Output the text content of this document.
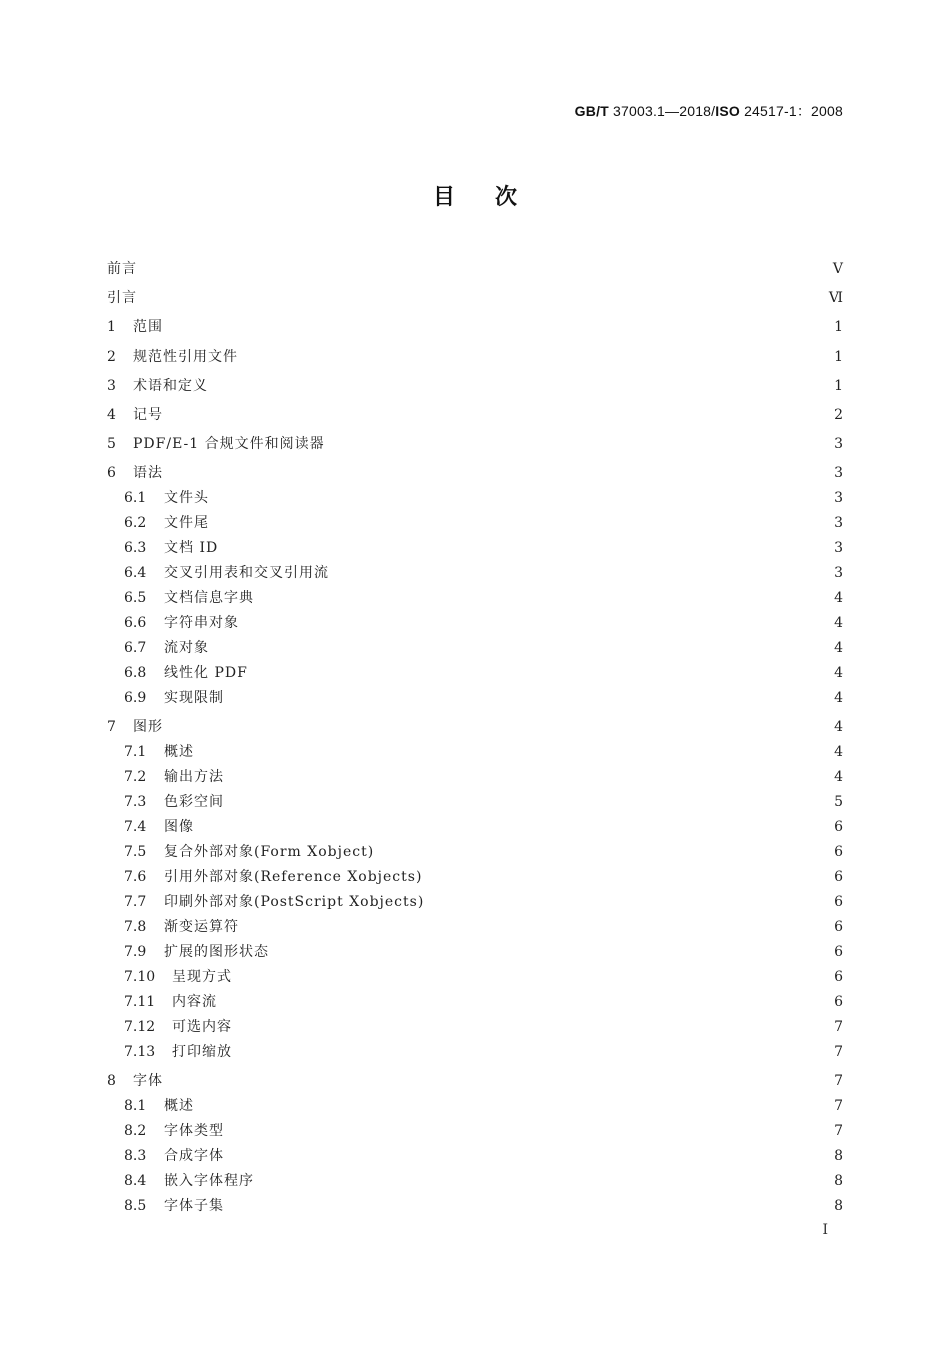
GB/T 37003.1—2018/ISO 24517-1：2008
目次
前言	Ⅴ
引言	Ⅵ
1	范围	1
2	规范性引用文件	1
3	术语和定义	1
4	记号	2
5	PDF/E-1 合规文件和阅读器	3
6	语法	3
6.1	文件头	3
6.2	文件尾	3
6.3	文档 ID	3
6.4	交叉引用表和交叉引用流	3
6.5	文档信息字典	4
6.6	字符串对象	4
6.7	流对象	4
6.8	线性化 PDF	4
6.9	实现限制	4
7	图形	4
7.1	概述	4
7.2	输出方法	4
7.3	色彩空间	5
7.4	图像	6
7.5	复合外部对象(Form Xobject)	6
7.6	引用外部对象(Reference Xobjects)	6
7.7	印刷外部对象(PostScript Xobjects)	6
7.8	渐变运算符	6
7.9	扩展的图形状态	6
7.10	呈现方式	6
7.11	内容流	6
7.12	可选内容	7
7.13	打印缩放	7
8	字体	7
8.1	概述	7
8.2	字体类型	7
8.3	合成字体	8
8.4	嵌入字体程序	8
8.5	字体子集	8
Ⅰ
